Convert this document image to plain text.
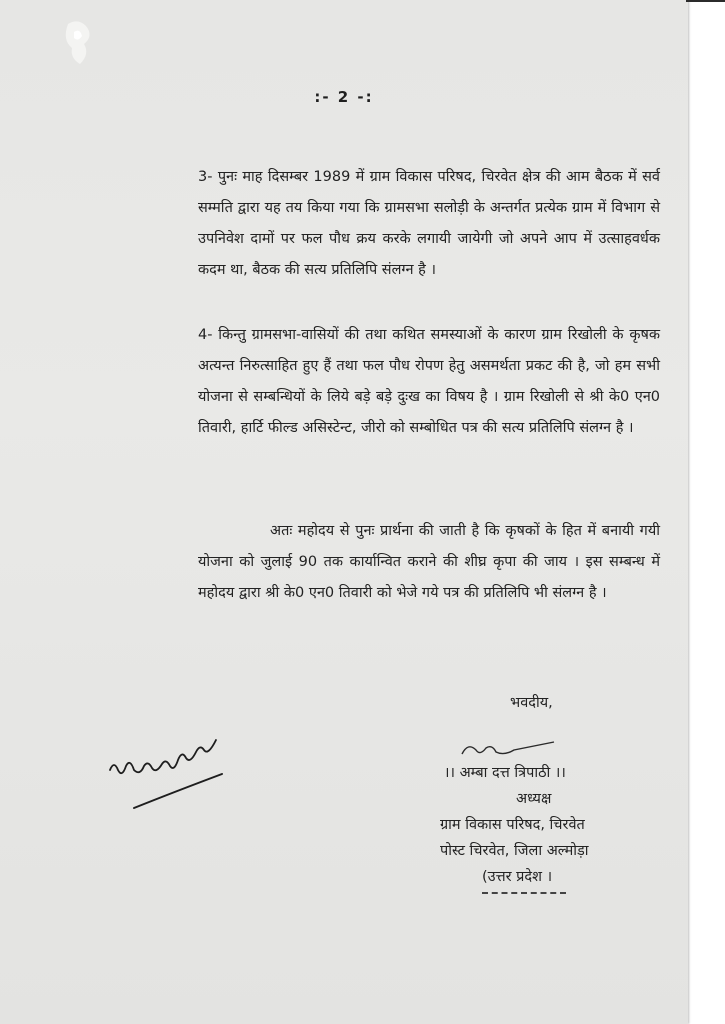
:- 2 -:
3- पुनः माह दिसम्बर 1989 में ग्राम विकास परिषद, चिरवेत क्षेत्र की आम बैठक में सर्व सम्मति द्वारा यह तय किया गया कि ग्रामसभा सलोड़ी के अन्तर्गत प्रत्येक ग्राम में विभाग से उपनिवेश दामों पर फल पौध क्रय करके लगायी जायेगी जो अपने आप में उत्साहवर्धक कदम था, बैठक की सत्य प्रतिलिपि संलग्न है ।
4- किन्तु ग्रामसभा-वासियों की तथा कथित समस्याओं के कारण ग्राम रिखोली के कृषक अत्यन्त निरुत्साहित हुए हैं तथा फल पौध रोपण हेतु असमर्थता प्रकट की है, जो हम सभी योजना से सम्बन्धियों के लिये बड़े बड़े दुःख का विषय है । ग्राम रिखोली से श्री के0 एन0 तिवारी, हार्टि फील्ड असिस्टेन्ट, जीरो को सम्बोधित पत्र की सत्य प्रतिलिपि संलग्न है ।
अतः महोदय से पुनः प्रार्थना की जाती है कि कृषकों के हित में बनायी गयी योजना को जुलाई 90 तक कार्यान्वित कराने की शीघ्र कृपा की जाय । इस सम्बन्ध में महोदय द्वारा श्री के0 एन0 तिवारी को भेजे गये पत्र की प्रतिलिपि भी संलग्न है ।
भवदीय,
।। अम्बा दत्त त्रिपाठी ।।
अध्यक्ष
ग्राम विकास परिषद, चिरवेत
पोस्ट चिरवेत, जिला अल्मोड़ा
(उत्तर प्रदेश ।
